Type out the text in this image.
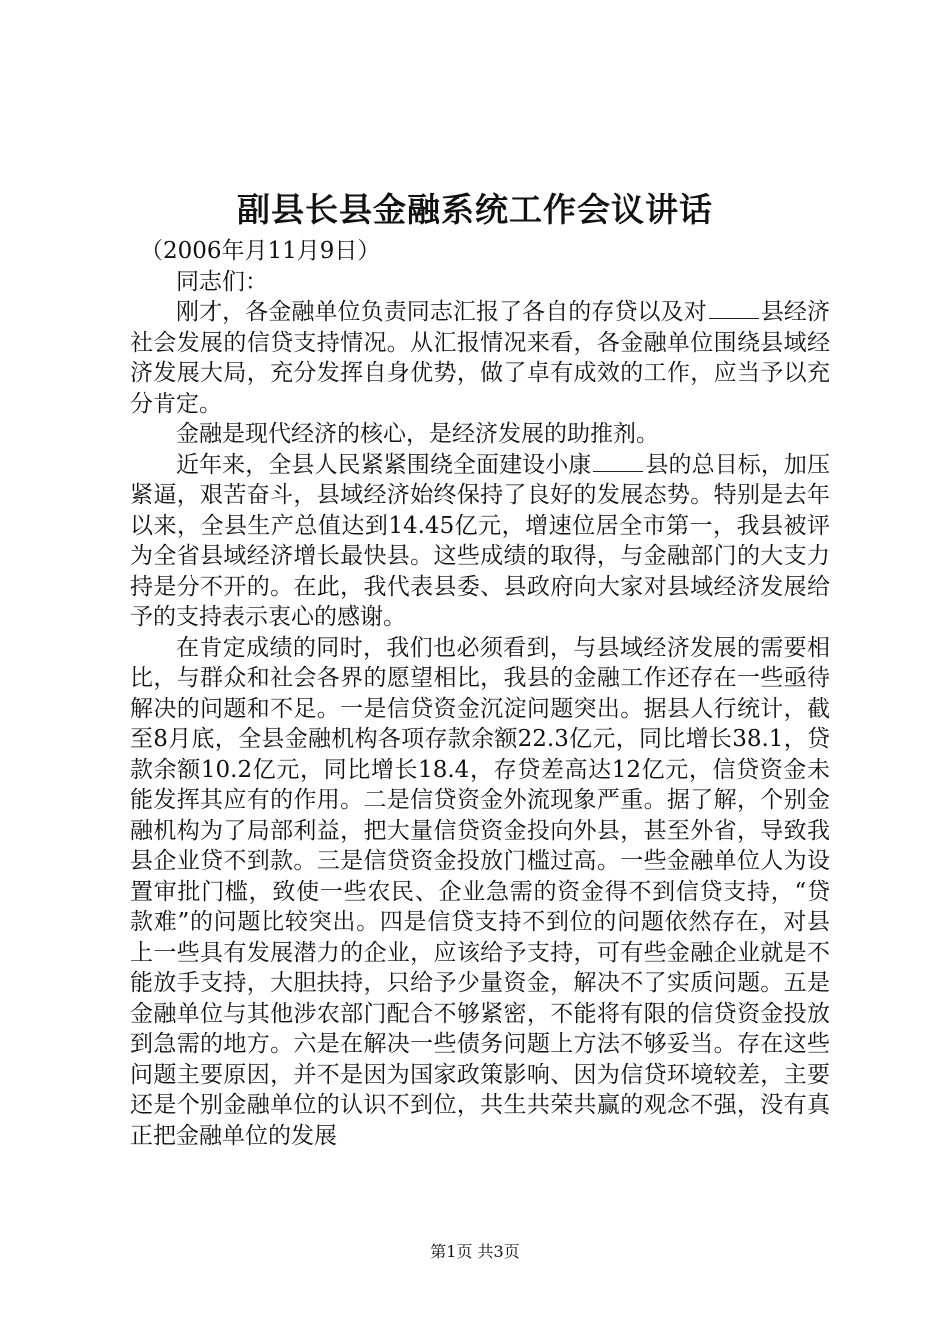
副县长县金融系统工作会议讲话

（2006年月11月9日）

同志们：

刚才，各金融单位负责同志汇报了各自的存贷以及对 县经济社会发展的信贷支持情况。从汇报情况来看，各金融单位围绕县域经济发展大局，充分发挥自身优势，做了卓有成效的工作，应当予以充分肯定。

金融是现代经济的核心，是经济发展的助推剂。

近年来，全县人民紧紧围绕全面建设小康 县的总目标，加压紧逼，艰苦奋斗，县域经济始终保持了良好的发展态势。特别是去年以来，全县生产总值达到14.45亿元，增速位居全市第一，我县被评为全省县域经济增长最快县。这些成绩的取得，与金融部门的大支力持是分不开的。在此，我代表县委、县政府向大家对县域经济发展给予的支持表示衷心的感谢。

在肯定成绩的同时，我们也必须看到，与县域经济发展的需要相比，与群众和社会各界的愿望相比，我县的金融工作还存在一些亟待解决的问题和不足。一是信贷资金沉淀问题突出。据县人行统计，截至8月底，全县金融机构各项存款余额22.3亿元，同比增长38.1，贷款余额10.2亿元，同比增长18.4，存贷差高达12亿元，信贷资金未能发挥其应有的作用。二是信贷资金外流现象严重。据了解，个别金融机构为了局部利益，把大量信贷资金投向外县，甚至外省，导致我县企业贷不到款。三是信贷资金投放门槛过高。一些金融单位人为设置审批门槛，致使一些农民、企业急需的资金得不到信贷支持，“贷款难”的问题比较突出。四是信贷支持不到位的问题依然存在，对县上一些具有发展潜力的企业，应该给予支持，可有些金融企业就是不能放手支持，大胆扶持，只给予少量资金，解决不了实质问题。五是金融单位与其他涉农部门配合不够紧密，不能将有限的信贷资金投放到急需的地方。六是在解决一些债务问题上方法不够妥当。存在这些问题主要原因，并不是因为国家政策影响、因为信贷环境较差，主要还是个别金融单位的认识不到位，共生共荣共赢的观念不强，没有真正把金融单位的发展

第1页 共3页
